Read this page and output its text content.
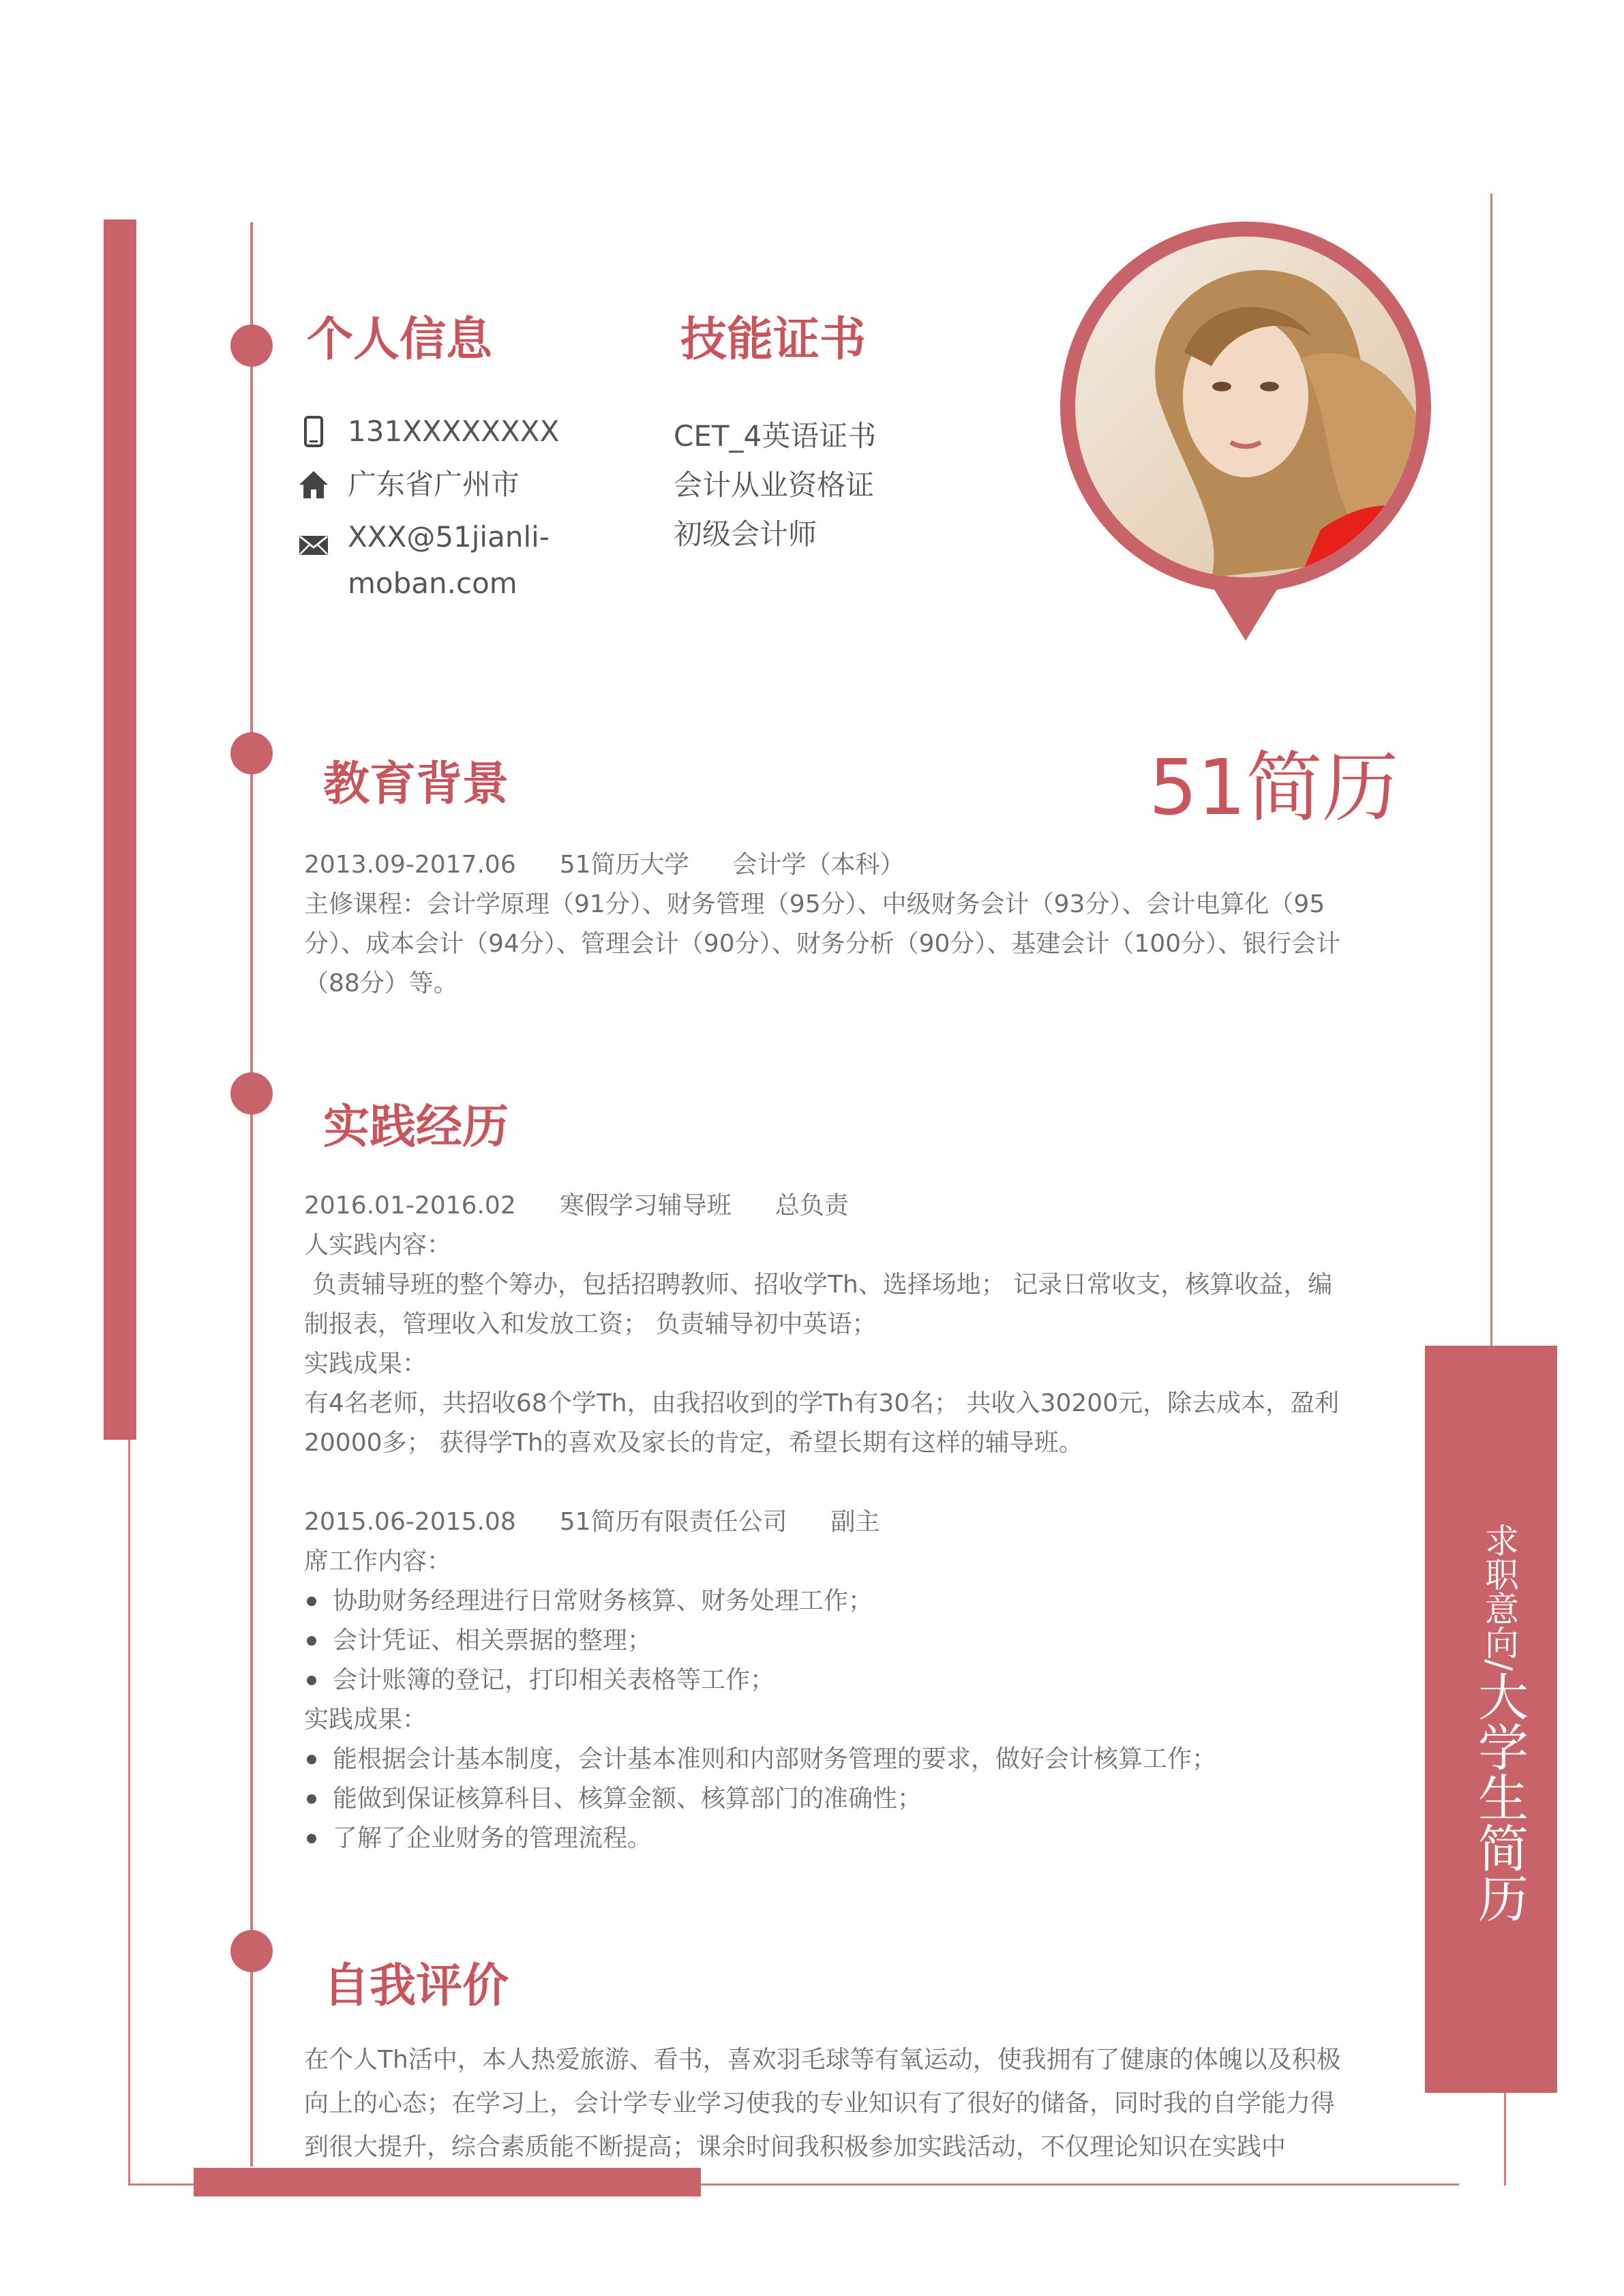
个人信息
131XXXXXXXX
广东省广州市
XXX@51jianli-
moban.com
技能证书
CET_4英语证书
会计从业资格证
初级会计师
教育背景	51简历
2013.09-2017.06 51简历大学 会计学（本科）
主修课程：会计学原理（91分）、财务管理（95分）、中级财务会计（93分）、会计电算化（95分）、成本会计（94分）、管理会计（90分）、财务分析（90分）、基建会计（100分）、银行会计（88分）等。
实践经历
2016.01-2016.02 寒假学习辅导班 总负责
人实践内容：
负责辅导班的整个筹办，包括招聘教师、招收学Th、选择场地； 记录日常收支，核算收益，编制报表，管理收入和发放工资； 负责辅导初中英语；
实践成果：
有4名老师，共招收68个学Th，由我招收到的学Th有30名； 共收入30200元，除去成本，盈利20000多； 获得学Th的喜欢及家长的肯定，希望长期有这样的辅导班。
2015.06-2015.08 51简历有限责任公司 副主
席工作内容：
协助财务经理进行日常财务核算、财务处理工作；
会计凭证、相关票据的整理；
会计账簿的登记，打印相关表格等工作；
实践成果：
能根据会计基本制度，会计基本准则和内部财务管理的要求，做好会计核算工作；
能做到保证核算科目、核算金额、核算部门的准确性；
了解了企业财务的管理流程。
自我评价
在个人Th活中，本人热爱旅游、看书，喜欢羽毛球等有氧运动，使我拥有了健康的体魄以及积极向上的心态；在学习上，会计学专业学习使我的专业知识有了很好的储备，同时我的自学能力得到很大提升，综合素质能不断提高；课余时间我积极参加实践活动，不仅理论知识在实践中
求职意向/大学生简历
